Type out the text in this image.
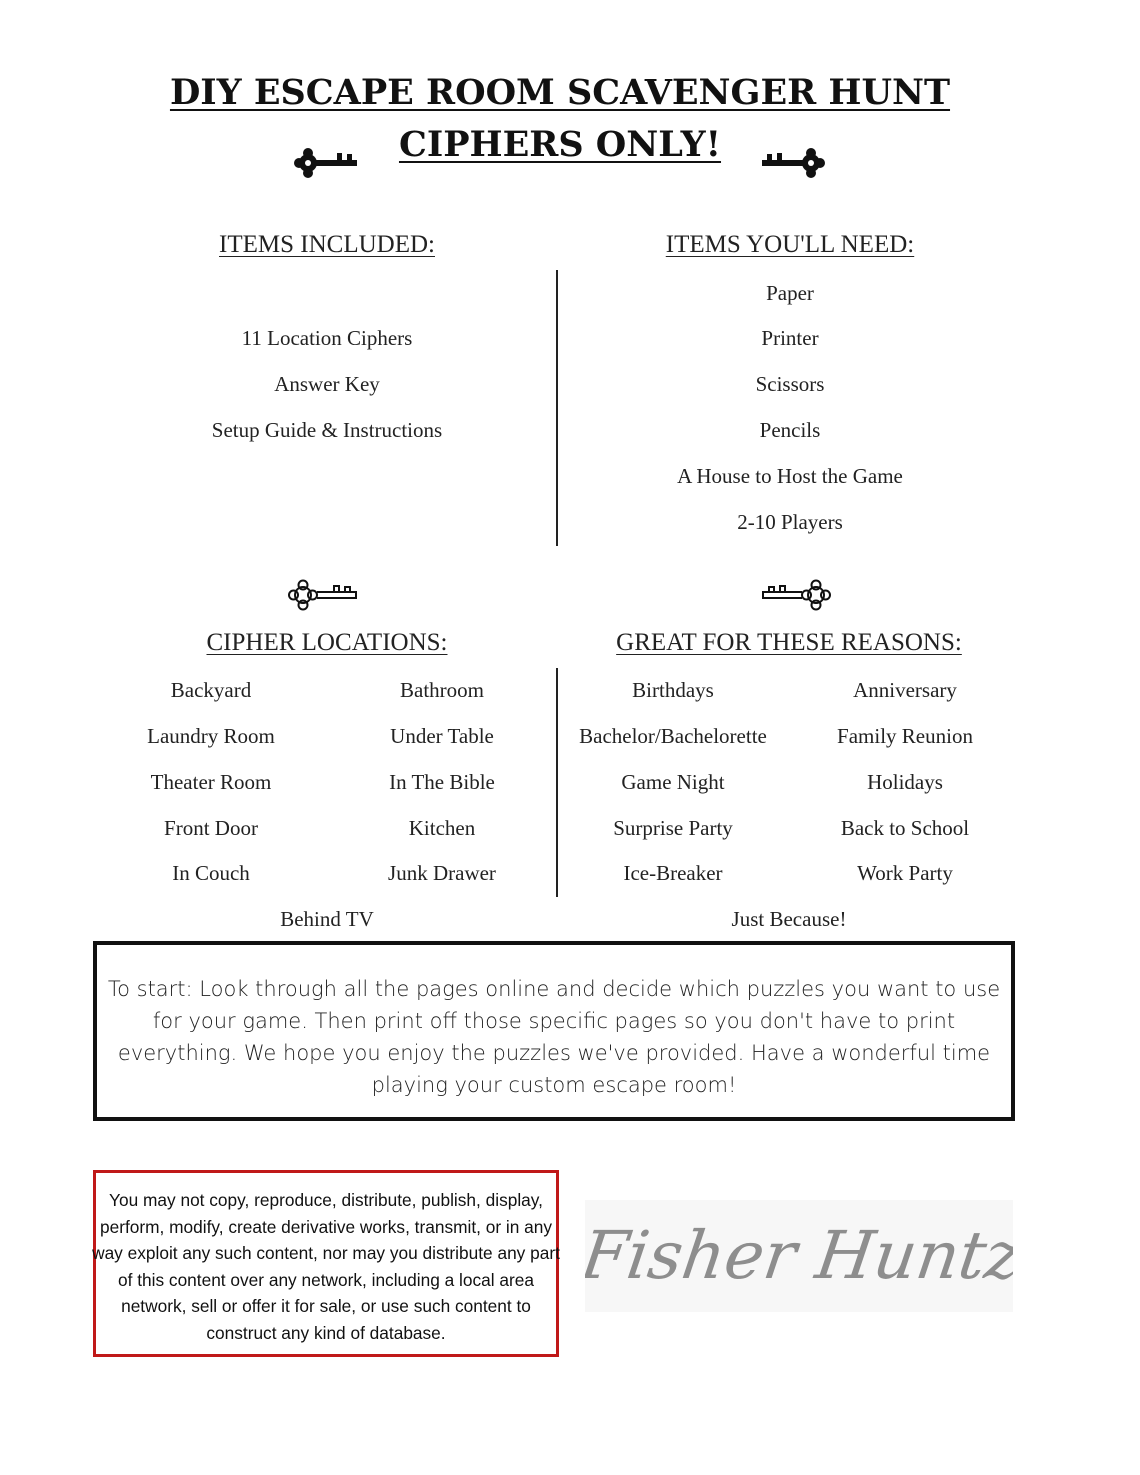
DIY ESCAPE ROOM SCAVENGER HUNT
CIPHERS ONLY!
ITEMS INCLUDED:	ITEMS YOU'LL NEED:
11 Location Ciphers
Answer Key
Setup Guide & Instructions
Paper
Printer
Scissors
Pencils
A House to Host the Game
2-10 Players
CIPHER LOCATIONS:	GREAT FOR THESE REASONS:
Backyard
Laundry Room
Theater Room
Front Door
In Couch
Bathroom
Under Table
In The Bible
Kitchen
Junk Drawer
Behind TV
Birthdays
Bachelor/Bachelorette
Game Night
Surprise Party
Ice-Breaker
Anniversary
Family Reunion
Holidays
Back to School
Work Party
Just Because!
To start: Look through all the pages online and decide which puzzles you want to use for your game. Then print off those specific pages so you don't have to print everything. We hope you enjoy the puzzles we've provided. Have a wonderful time playing your custom escape room!
You may not copy, reproduce, distribute, publish, display, perform, modify, create derivative works, transmit, or in any way exploit any such content, nor may you distribute any part of this content over any network, including a local area network, sell or offer it for sale, or use such content to construct any kind of database.
Fisher Huntz
